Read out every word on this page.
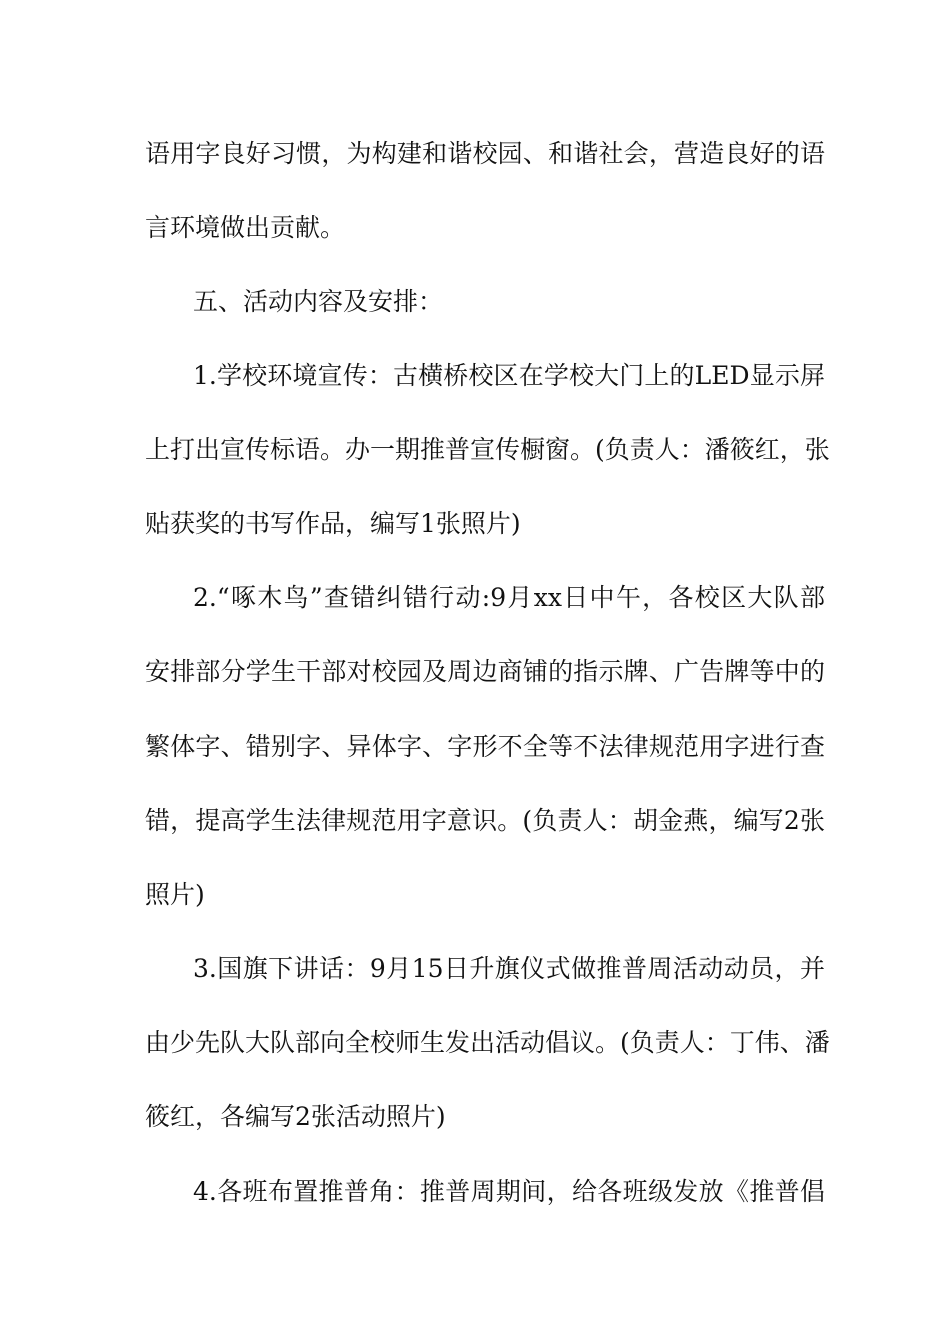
语用字良好习惯，为构建和谐校园、和谐社会，营造良好的语
言环境做出贡献。
五、活动内容及安排：
1.学校环境宣传：古横桥校区在学校大门上的LED显示屏
上打出宣传标语。办一期推普宣传橱窗。(负责人：潘筱红，张
贴获奖的书写作品，编写1张照片)
2.“啄木鸟”查错纠错行动:9月xx日中午，各校区大队部
安排部分学生干部对校园及周边商铺的指示牌、广告牌等中的
繁体字、错别字、异体字、字形不全等不法律规范用字进行查
错，提高学生法律规范用字意识。(负责人：胡金燕，编写2张
照片)
3.国旗下讲话：9月15日升旗仪式做推普周活动动员，并
由少先队大队部向全校师生发出活动倡议。(负责人：丁伟、潘
筱红，各编写2张活动照片)
4.各班布置推普角：推普周期间，给各班级发放《推普倡
